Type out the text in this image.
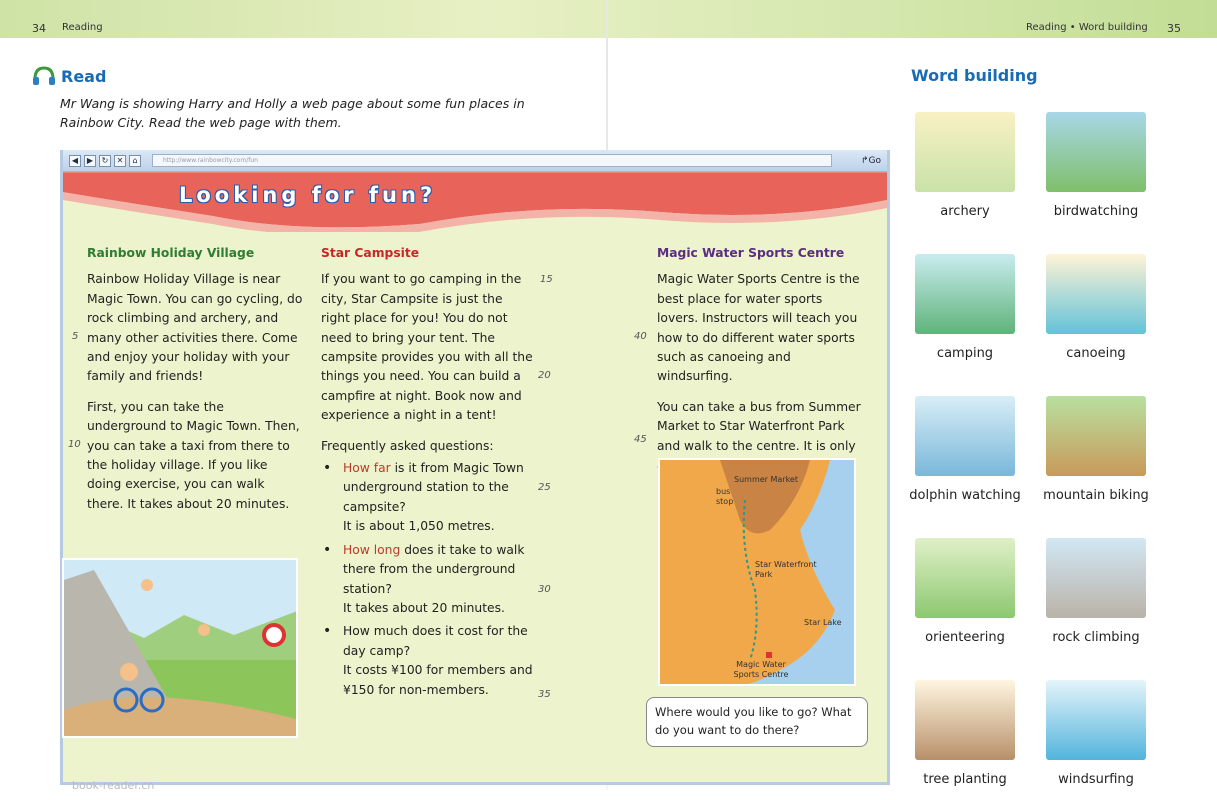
34 Reading	Reading • Word building 35
Read
Mr Wang is showing Harry and Holly a web page about some fun places in Rainbow City. Read the web page with them.
◀	▶	↻	✕	⌂	http://www.rainbowcity.com/fun	↱Go
Looking for fun?
Rainbow Holiday Village

Rainbow Holiday Village is near Magic Town. You can go cycling, do rock climbing and archery, and many other activities there. Come and enjoy your holiday with your family and friends!

First, you can take the underground to Magic Town. Then, you can take a taxi from there to the holiday village. If you like doing exercise, you can walk there. It takes about 20 minutes.

5
10
Star Campsite

If you want to go camping in the city, Star Campsite is just the right place for you! You do not need to bring your tent. The campsite provides you with all the things you need. You can build a campfire at night. Book now and experience a night in a tent!

Frequently asked questions:
• How far is it from Magic Town underground station to the campsite?
It is about 1,050 metres.
• How long does it take to walk there from the underground station?
It takes about 20 minutes.
• How much does it cost for the day camp?
It costs ¥100 for members and ¥150 for non-members.
15
20
25
30
35
Magic Water Sports Centre

Magic Water Sports Centre is the best place for water sports lovers. Instructors will teach you how to do different water sports such as canoeing and windsurfing.

You can take a bus from Summer Market to Star Waterfront Park and walk to the centre. It is only

40
45
Summer Market
bus stop
Star Waterfront Park
Star Lake
Magic Water Sports Centre
Where would you like to go? What do you want to do there?
Word building
archery	birdwatching
camping	canoeing
dolphin watching	mountain biking
orienteering	rock climbing
tree planting	windsurfing
book-reader.cn
